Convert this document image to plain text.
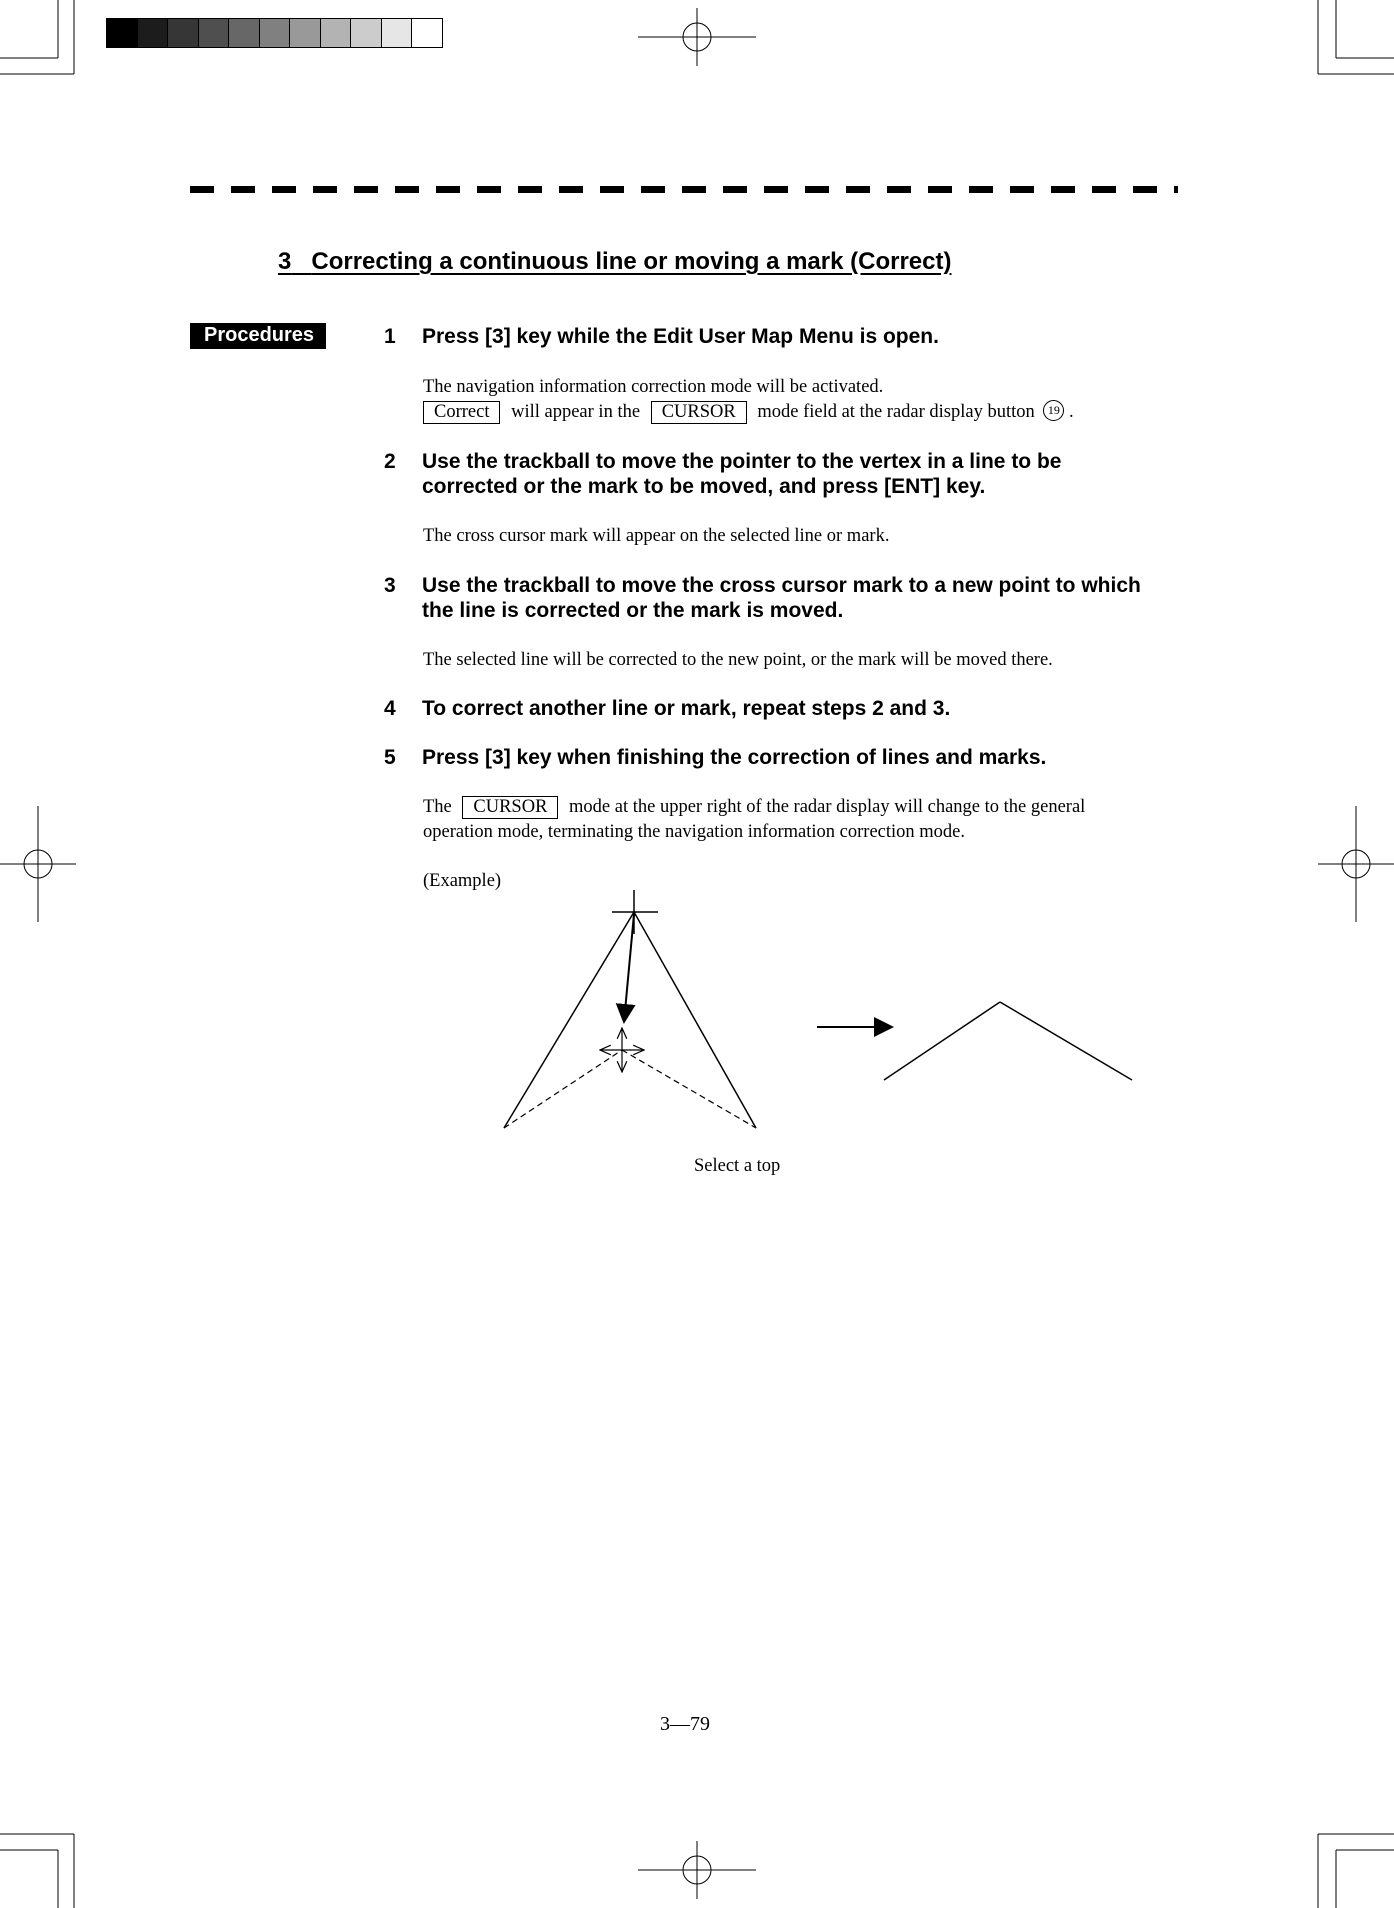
3 Correcting a continuous line or moving a mark (Correct)
Procedures	1 Press [3] key while the Edit User Map Menu is open.
The navigation information correction mode will be activated.
Correct will appear in the CURSOR mode field at the radar display button 19 .
2 Use the trackball to move the pointer to the vertex in a line to be
corrected or the mark to be moved, and press [ENT] key.
The cross cursor mark will appear on the selected line or mark.
3 Use the trackball to move the cross cursor mark to a new point to which
the line is corrected or the mark is moved.
The selected line will be corrected to the new point, or the mark will be moved there.
4 To correct another line or mark, repeat steps 2 and 3.
5 Press [3] key when finishing the correction of lines and marks.
The CURSOR mode at the upper right of the radar display will change to the general
operation mode, terminating the navigation information correction mode.
(Example)
Select a top
3—79
